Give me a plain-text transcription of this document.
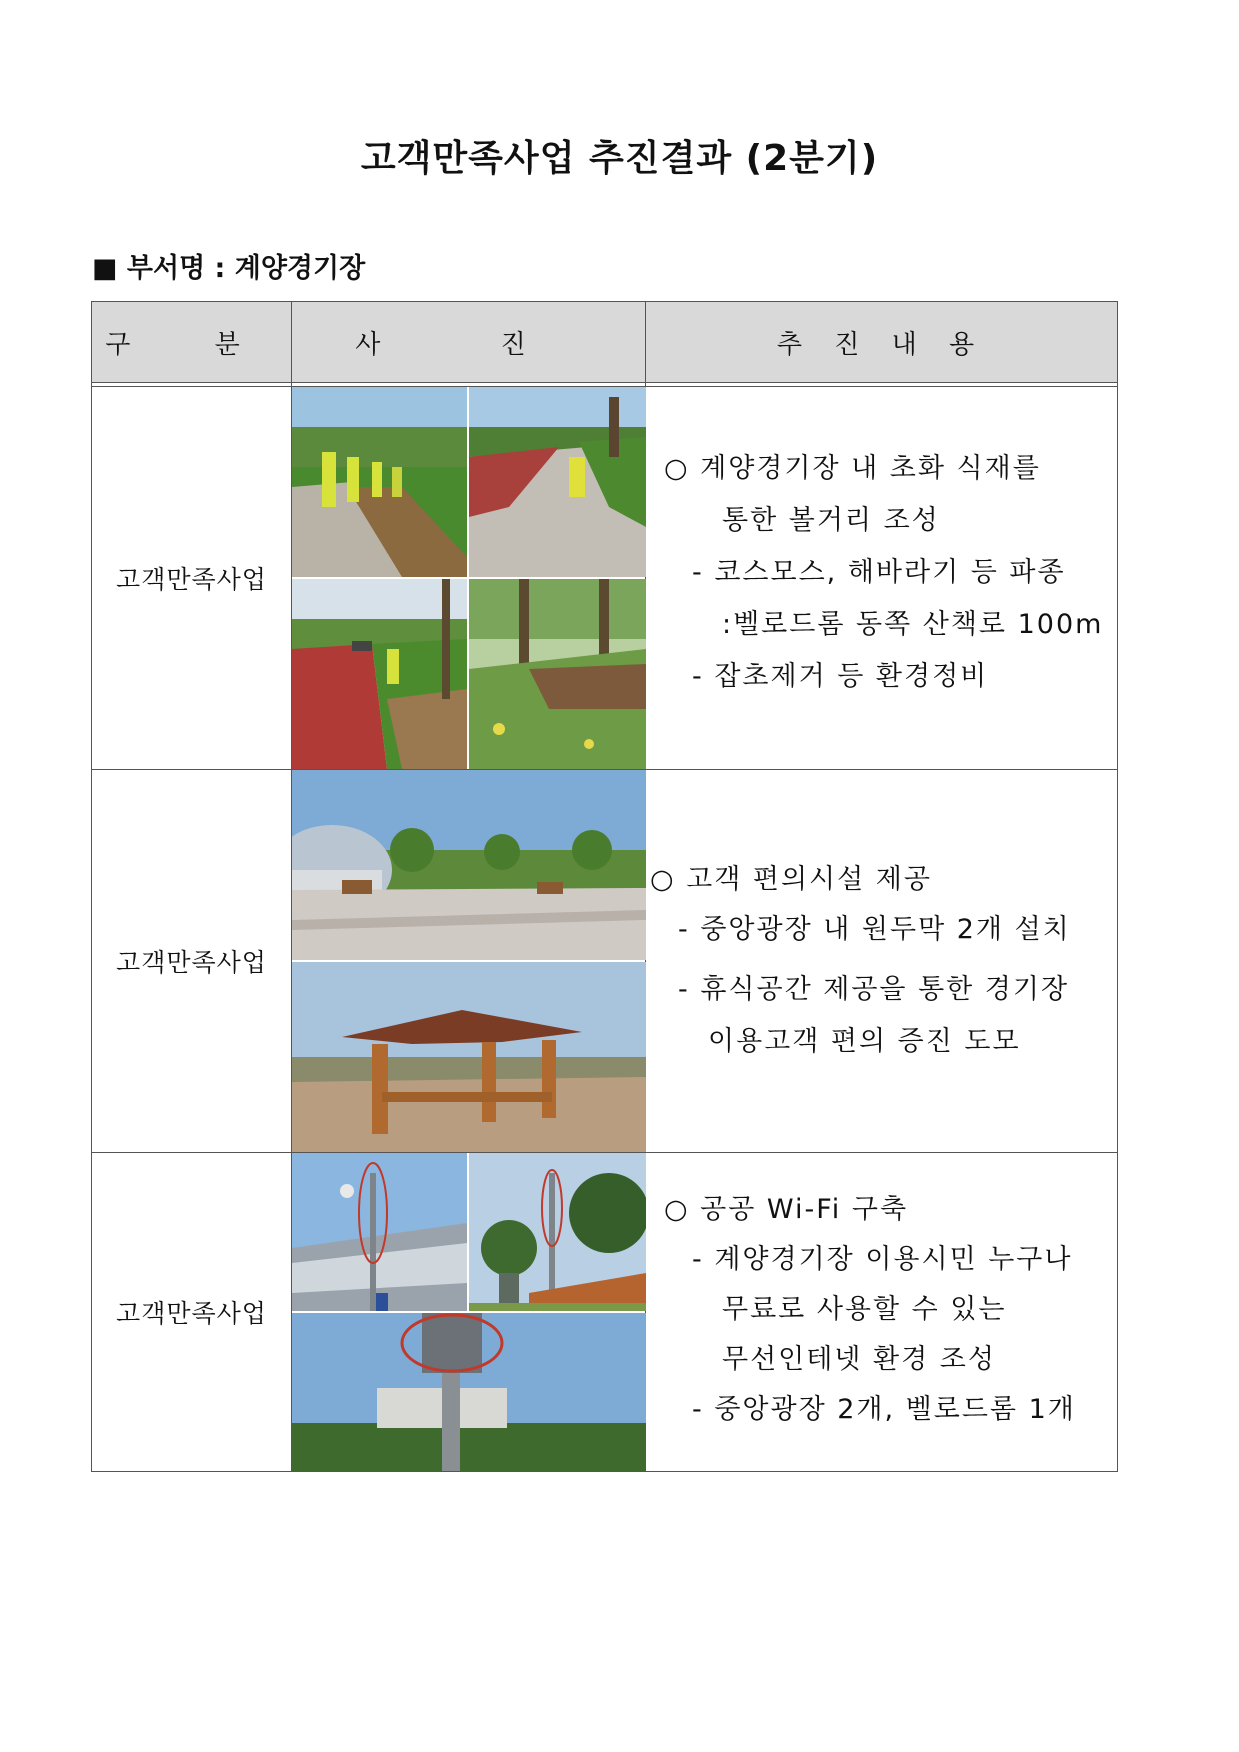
고객만족사업 추진결과 (2분기)
■ 부서명 : 계양경기장
구 분	사 진	추 진 내 용

고객만족사업		○ 계양경기장 내 초화 식재를
통한 볼거리 조성
- 코스모스, 해바라기 등 파종
:벨로드롬 동쪽 산책로 100m
- 잡초제거 등 환경정비

고객만족사업		○ 고객 편의시설 제공
- 중앙광장 내 원두막 2개 설치
- 휴식공간 제공을 통한 경기장
이용고객 편의 증진 도모

고객만족사업		○ 공공 Wi-Fi 구축
- 계양경기장 이용시민 누구나
무료로 사용할 수 있는
무선인테넷 환경 조성
- 중앙광장 2개, 벨로드롬 1개
